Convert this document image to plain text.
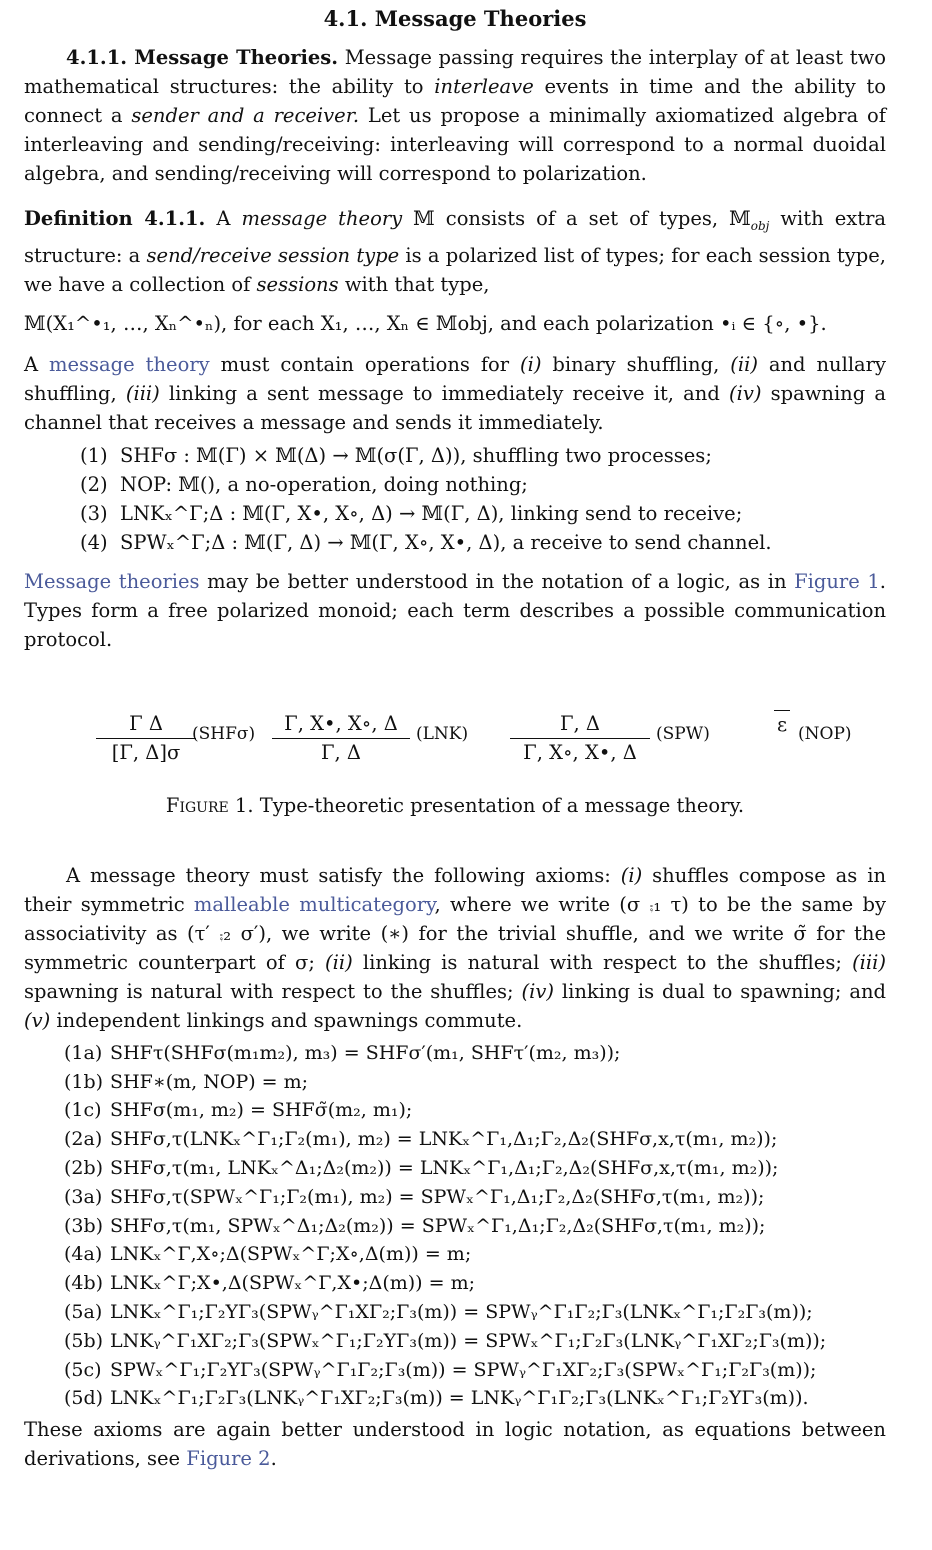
4.1. Message Theories

4.1.1. Message Theories. Message passing requires the interplay of at least two mathematical structures: the ability to interleave events in time and the ability to connect a sender and a receiver. Let us propose a minimally axiomatized algebra of interleaving and sending/receiving: interleaving will correspond to a normal duoidal algebra, and sending/receiving will correspond to polarization.

Definition 4.1.1. A message theory 𝕄 consists of a set of types, 𝕄$_{obj}$ with extra structure: a send/receive session type is a polarized list of types; for each session type, we have a collection of sessions with that type,

𝕄(X₁^•₁, …, Xₙ^•ₙ), for each X₁, …, Xₙ ∈ 𝕄obj, and each polarization •ᵢ ∈ {∘, •}.

A message theory must contain operations for (i) binary shuffling, (ii) and nullary shuffling, (iii) linking a sent message to immediately receive it, and (iv) spawning a channel that receives a message and sends it immediately.

(1) SHFσ : 𝕄(Γ) × 𝕄(Δ) → 𝕄(σ(Γ, Δ)), shuffling two processes;
(2) NOP: 𝕄(), a no-operation, doing nothing;
(3) LNKₓ^Γ;Δ : 𝕄(Γ, X•, X∘, Δ) → 𝕄(Γ, Δ), linking send to receive;
(4) SPWₓ^Γ;Δ : 𝕄(Γ, Δ) → 𝕄(Γ, X∘, X•, Δ), a receive to send channel.

Message theories may be better understood in the notation of a logic, as in Figure 1. Types form a free polarized monoid; each term describes a possible communication protocol.

Γ Δ
[Γ, Δ]σ
(SHFσ)	Γ, X•, X∘, Δ
Γ, Δ
(LNK)	Γ, Δ
Γ, X∘, X•, Δ
(SPW)	ε (NOP)
Figure 1. Type-theoretic presentation of a message theory.

A message theory must satisfy the following axioms: (i) shuffles compose as in their symmetric malleable multicategory, where we write (σ ⨾₁ τ) to be the same by associativity as (τ′ ⨾₂ σ′), we write (∗) for the trivial shuffle, and we write σ̃ for the symmetric counterpart of σ; (ii) linking is natural with respect to the shuffles; (iii) spawning is natural with respect to the shuffles; (iv) linking is dual to spawning; and (v) independent linkings and spawnings commute.

(1a) SHFτ(SHFσ(m₁m₂), m₃) = SHFσ′(m₁, SHFτ′(m₂, m₃));
(1b) SHF∗(m, NOP) = m;
(1c) SHFσ(m₁, m₂) = SHFσ̃(m₂, m₁);
(2a) SHFσ,τ(LNKₓ^Γ₁;Γ₂(m₁), m₂) = LNKₓ^Γ₁,Δ₁;Γ₂,Δ₂(SHFσ,x,τ(m₁, m₂));
(2b) SHFσ,τ(m₁, LNKₓ^Δ₁;Δ₂(m₂)) = LNKₓ^Γ₁,Δ₁;Γ₂,Δ₂(SHFσ,x,τ(m₁, m₂));
(3a) SHFσ,τ(SPWₓ^Γ₁;Γ₂(m₁), m₂) = SPWₓ^Γ₁,Δ₁;Γ₂,Δ₂(SHFσ,τ(m₁, m₂));
(3b) SHFσ,τ(m₁, SPWₓ^Δ₁;Δ₂(m₂)) = SPWₓ^Γ₁,Δ₁;Γ₂,Δ₂(SHFσ,τ(m₁, m₂));
(4a) LNKₓ^Γ,X∘;Δ(SPWₓ^Γ;X∘,Δ(m)) = m;
(4b) LNKₓ^Γ;X•,Δ(SPWₓ^Γ,X•;Δ(m)) = m;
(5a) LNKₓ^Γ₁;Γ₂YΓ₃(SPWᵧ^Γ₁XΓ₂;Γ₃(m)) = SPWᵧ^Γ₁Γ₂;Γ₃(LNKₓ^Γ₁;Γ₂Γ₃(m));
(5b) LNKᵧ^Γ₁XΓ₂;Γ₃(SPWₓ^Γ₁;Γ₂YΓ₃(m)) = SPWₓ^Γ₁;Γ₂Γ₃(LNKᵧ^Γ₁XΓ₂;Γ₃(m));
(5c) SPWₓ^Γ₁;Γ₂YΓ₃(SPWᵧ^Γ₁Γ₂;Γ₃(m)) = SPWᵧ^Γ₁XΓ₂;Γ₃(SPWₓ^Γ₁;Γ₂Γ₃(m));
(5d) LNKₓ^Γ₁;Γ₂Γ₃(LNKᵧ^Γ₁XΓ₂;Γ₃(m)) = LNKᵧ^Γ₁Γ₂;Γ₃(LNKₓ^Γ₁;Γ₂YΓ₃(m)).

These axioms are again better understood in logic notation, as equations between derivations, see Figure 2.
